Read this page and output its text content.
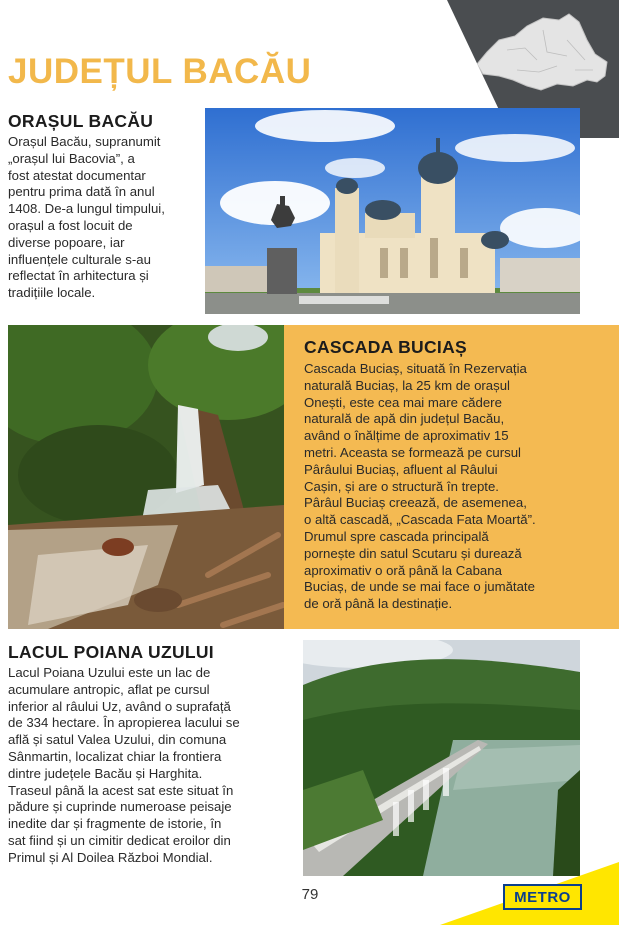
JUDEȚUL BACĂU
ORAȘUL BACĂU
Orașul Bacău, supranumit
„orașul lui Bacovia”, a
fost atestat documentar
pentru prima dată în anul
1408. De-a lungul timpului,
orașul a fost locuit de
diverse popoare, iar
influențele culturale s-au
reflectat în arhitectura și
tradițiile locale.
CASCADA BUCIAȘ
Cascada Buciaș, situată în Rezervația
naturală Buciaș, la 25 km de orașul
Onești, este cea mai mare cădere
naturală de apă din județul Bacău,
având o înălțime de aproximativ 15
metri. Aceasta se formează pe cursul
Pârâului Buciaș, afluent al Râului
Cașin, și are o structură în trepte.
Pârâul Buciaș creează, de asemenea,
o altă cascadă, „Cascada Fata Moartă”.
Drumul spre cascada principală
pornește din satul Scutaru și durează
aproximativ o oră până la Cabana
Buciaș, de unde se mai face o jumătate
de oră până la destinație.
LACUL POIANA UZULUI
Lacul Poiana Uzului este un lac de
acumulare antropic, aflat pe cursul
inferior al râului Uz, având o suprafață
de 334 hectare. În apropierea lacului se
află și satul Valea Uzului, din comuna
Sânmartin, localizat chiar la frontiera
dintre județele Bacău și Harghita.
Traseul până la acest sat este situat în
pădure și cuprinde numeroase peisaje
inedite dar și fragmente de istorie, în
sat fiind și un cimitir dedicat eroilor din
Primul și Al Doilea Război Mondial.
79	METRO
